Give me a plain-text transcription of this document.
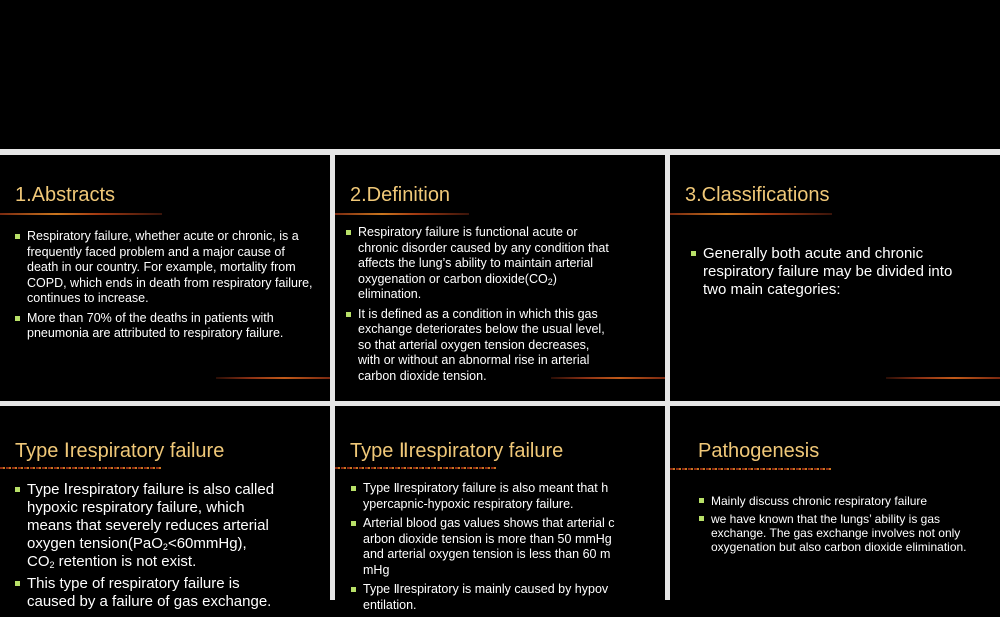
1.Abstracts
Respiratory failure, whether acute or chronic, is a frequently faced problem and a major cause of death in our country. For example, mortality from COPD, which ends in death from respiratory failure, continues to increase.
More than 70% of the deaths in patients with pneumonia are attributed to respiratory failure.
2.Definition
Respiratory failure is functional acute or chronic disorder caused by any condition that affects the lung’s ability to maintain arterial oxygenation or carbon $dioxide(CO_2)$ elimination.
It is defined as a condition in which this gas exchange deteriorates below the usual level, so that arterial oxygen tension decreases, with or without an abnormal rise in arterial carbon dioxide tension.
3.Classifications
Generally both acute and chronic respiratory failure may be divided into two main categories:
Type Ⅰrespiratory failure
Type Ⅰrespiratory failure is also called hypoxic respiratory failure, which means that severely reduces arterial oxygen tension(PaO$_2$<60mmHg), $CO_2$ retention is not exist.
This type of respiratory failure is caused by a failure of gas exchange.
Type Ⅱrespiratory failure
Type Ⅱrespiratory failure is also meant that h ypercapnic-hypoxic respiratory failure.
Arterial blood gas values shows that arterial c arbon dioxide tension is more than 50 mmHg and arterial oxygen tension is less than 60 m mHg
Type Ⅱrespiratory is mainly caused by hypov entilation.
Pathogenesis
Mainly discuss chronic respiratory failure
we have known that the lungs’ ability is gas exchange. The gas exchange involves not only oxygenation but also carbon dioxide elimination.
